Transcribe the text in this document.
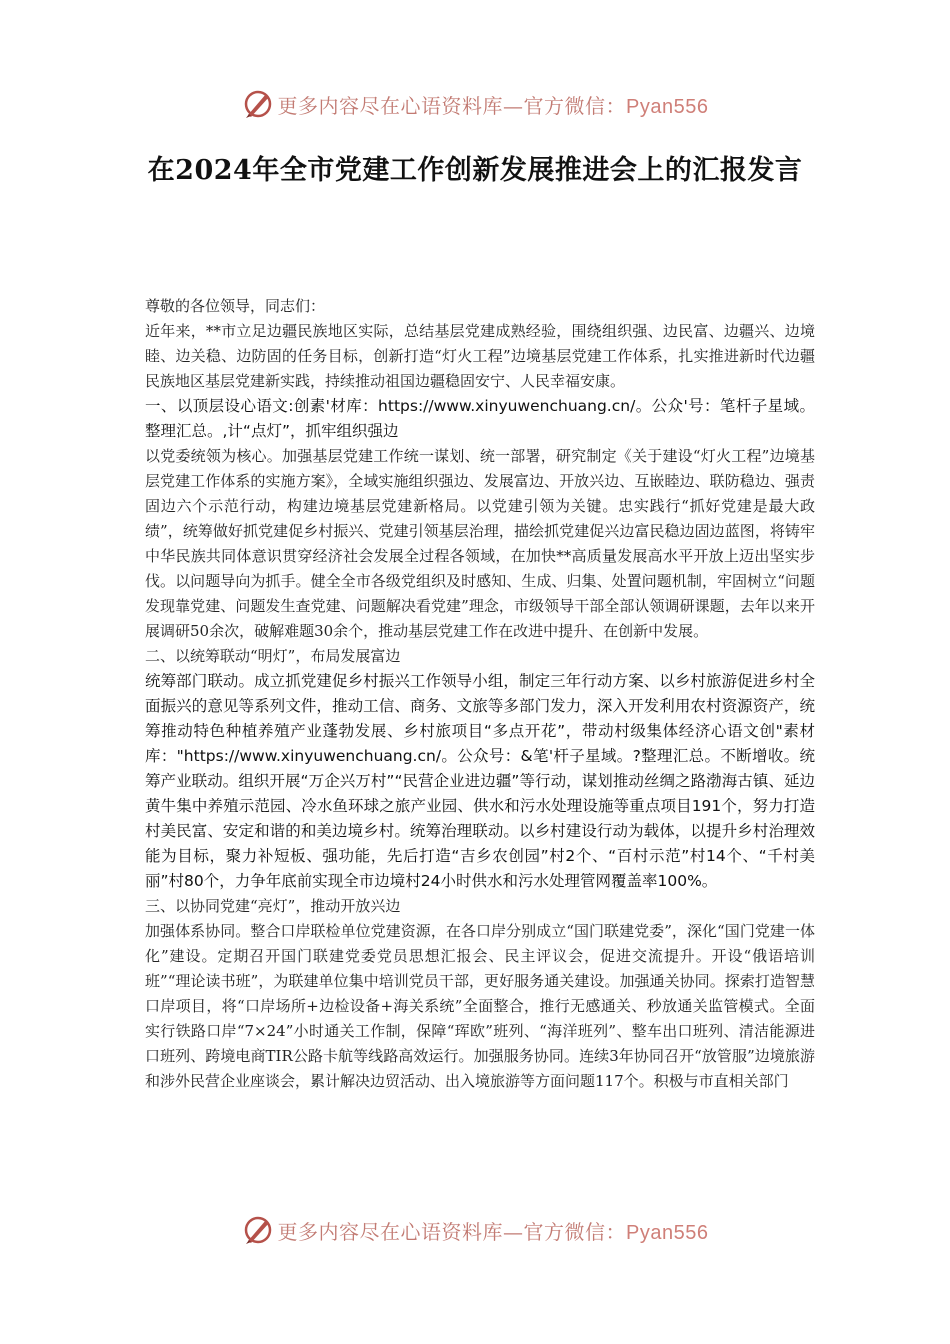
更多内容尽在心语资料库—官方微信：Pyan556
在2024年全市党建工作创新发展推进会上的汇报发言

尊敬的各位领导，同志们：

近年来，**市立足边疆民族地区实际，总结基层党建成熟经验，围绕组织强、边民富、边疆兴、边境睦、边关稳、边防固的任务目标，创新打造“灯火工程”边境基层党建工作体系，扎实推进新时代边疆民族地区基层党建新实践，持续推动祖国边疆稳固安宁、人民幸福安康。

一、以顶层设心语文:创素'材库：https://www.xinyuwenchuang.cn/。公众'号：笔杆子星域。整理汇总。,计“点灯”，抓牢组织强边

以党委统领为核心。加强基层党建工作统一谋划、统一部署，研究制定《关于建设“灯火工程”边境基层党建工作体系的实施方案》，全域实施组织强边、发展富边、开放兴边、互嵌睦边、联防稳边、强责固边六个示范行动，构建边境基层党建新格局。以党建引领为关键。忠实践行“抓好党建是最大政绩”，统筹做好抓党建促乡村振兴、党建引领基层治理，描绘抓党建促兴边富民稳边固边蓝图，将铸牢中华民族共同体意识贯穿经济社会发展全过程各领域，在加快**高质量发展高水平开放上迈出坚实步伐。以问题导向为抓手。健全全市各级党组织及时感知、生成、归集、处置问题机制，牢固树立“问题发现靠党建、问题发生查党建、问题解决看党建”理念，市级领导干部全部认领调研课题，去年以来开展调研50余次，破解难题30余个，推动基层党建工作在改进中提升、在创新中发展。

二、以统筹联动“明灯”，布局发展富边

统筹部门联动。成立抓党建促乡村振兴工作领导小组，制定三年行动方案、以乡村旅游促进乡村全面振兴的意见等系列文件，推动工信、商务、文旅等多部门发力，深入开发利用农村资源资产，统筹推动特色种植养殖产业蓬勃发展、乡村旅项目“多点开花”，带动村级集体经济心语文创"素材库："https://www.xinyuwenchuang.cn/。公众号：&笔'杆子星域。?整理汇总。不断增收。统筹产业联动。组织开展“万企兴万村”“民营企业进边疆”等行动，谋划推动丝绸之路渤海古镇、延边黄牛集中养殖示范园、冷水鱼环球之旅产业园、供水和污水处理设施等重点项目191个，努力打造村美民富、安定和谐的和美边境乡村。统筹治理联动。以乡村建设行动为载体，以提升乡村治理效能为目标，聚力补短板、强功能，先后打造“吉乡农创园”村2个、“百村示范”村14个、“千村美丽”村80个，力争年底前实现全市边境村24小时供水和污水处理管网覆盖率100%。

三、以协同党建“亮灯”，推动开放兴边

加强体系协同。整合口岸联检单位党建资源，在各口岸分别成立“国门联建党委”，深化“国门党建一体化”建设。定期召开国门联建党委党员思想汇报会、民主评议会，促进交流提升。开设“俄语培训班”“理论读书班”，为联建单位集中培训党员干部，更好服务通关建设。加强通关协同。探索打造智慧口岸项目，将“口岸场所+边检设备+海关系统”全面整合，推行无感通关、秒放通关监管模式。全面实行铁路口岸“7×24”小时通关工作制，保障“珲欧”班列、“海洋班列”、整车出口班列、清洁能源进口班列、跨境电商TIR公路卡航等线路高效运行。加强服务协同。连续3年协同召开“放管服”边境旅游和涉外民营企业座谈会，累计解决边贸活动、出入境旅游等方面问题117个。积极与市直相关部门

更多内容尽在心语资料库—官方微信：Pyan556
